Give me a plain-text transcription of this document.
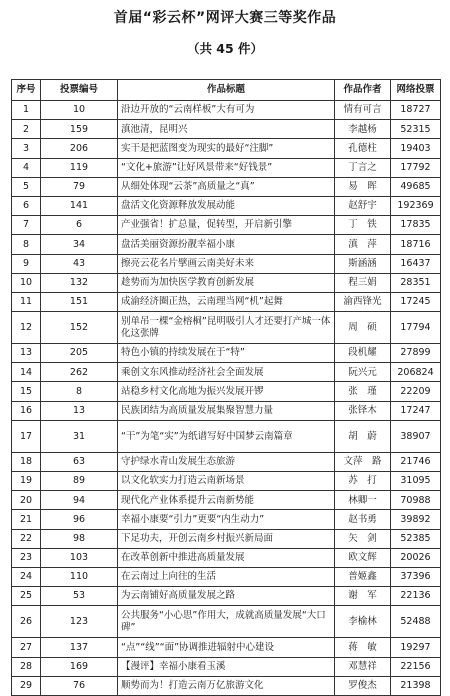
首届“彩云杯”网评大赛三等奖作品
（共 45 件）
序号	投票编号	作品标题	作品作者	网络投票
1	10	沿边开放的“云南样板”大有可为	情有可言	18727
2	159	滇池清，昆明兴	李越杨	52315
3	206	实干是把蓝图变为现实的最好“注脚”	孔德柱	19403
4	119	“文化+旅游”让好风景带来“好钱景”	丁言之	17792
5	79	从细处体现“云茶”高质量之“真”	易　晖	49685
6	141	盘活文化资源释放发展动能	赵舒宇	192369
7	6	产业强省！扩总量，促转型，开启新引擎	丁　铁	17835
8	34	盘活美丽资源扮靓幸福小康	滇　萍	18716
9	43	擦亮云花名片擘画云南美好未来	斯涵涵	16437
10	132	趁势而为加快医学教育创新发展	程三娟	28351
11	151	成渝经济圈正热，云南理当网“机”起舞	渝西锋光	17245
12	152	别单吊一棵“金榕桐”昆明吸引人才还要打产城一体化这张牌	周　硕	17794
13	205	特色小镇的持续发展在于“特”	段机耀	27899
14	262	乘创文东风推动经济社会全面发展	阮兴元	206824
15	8	站稳乡村文化高地为振兴发展开锣	张　瑾	22209
16	13	民族团结为高质量发展集聚智慧力量	张铎木	17247
17	31	“干”为笔“实”为纸谱写好中国梦云南篇章	胡　蔚	38907
18	63	守护绿水青山发展生态旅游	文萍　路	21746
19	89	以文化软实力打造云南新场景	苏　打	31095
20	94	现代化产业体系提升云南新势能	林卿一	70988
21	96	幸福小康要“引力”更要“内生动力”	赵书勇	39892
22	98	下足功夫，开创云南乡村振兴新局面	矢　剑	52385
23	103	在改革创新中推进高质量发展	欧文辉	20026
24	110	在云南过上向往的生活	普姬鑫	37396
25	53	为云南铺好高质量发展之路	谢　军	22136
26	123	公共服务“小心思”作用大，成就高质量发展“大口碑”	李榆林	52488
27	137	“点”“线”“面”协调推进辐射中心建设	蒋　敏	19297
28	169	【漫评】幸福小康看玉溪	邓慧祥	22156
29	76	顺势而为！打造云南万亿旅游文化	罗俊杰	21398
